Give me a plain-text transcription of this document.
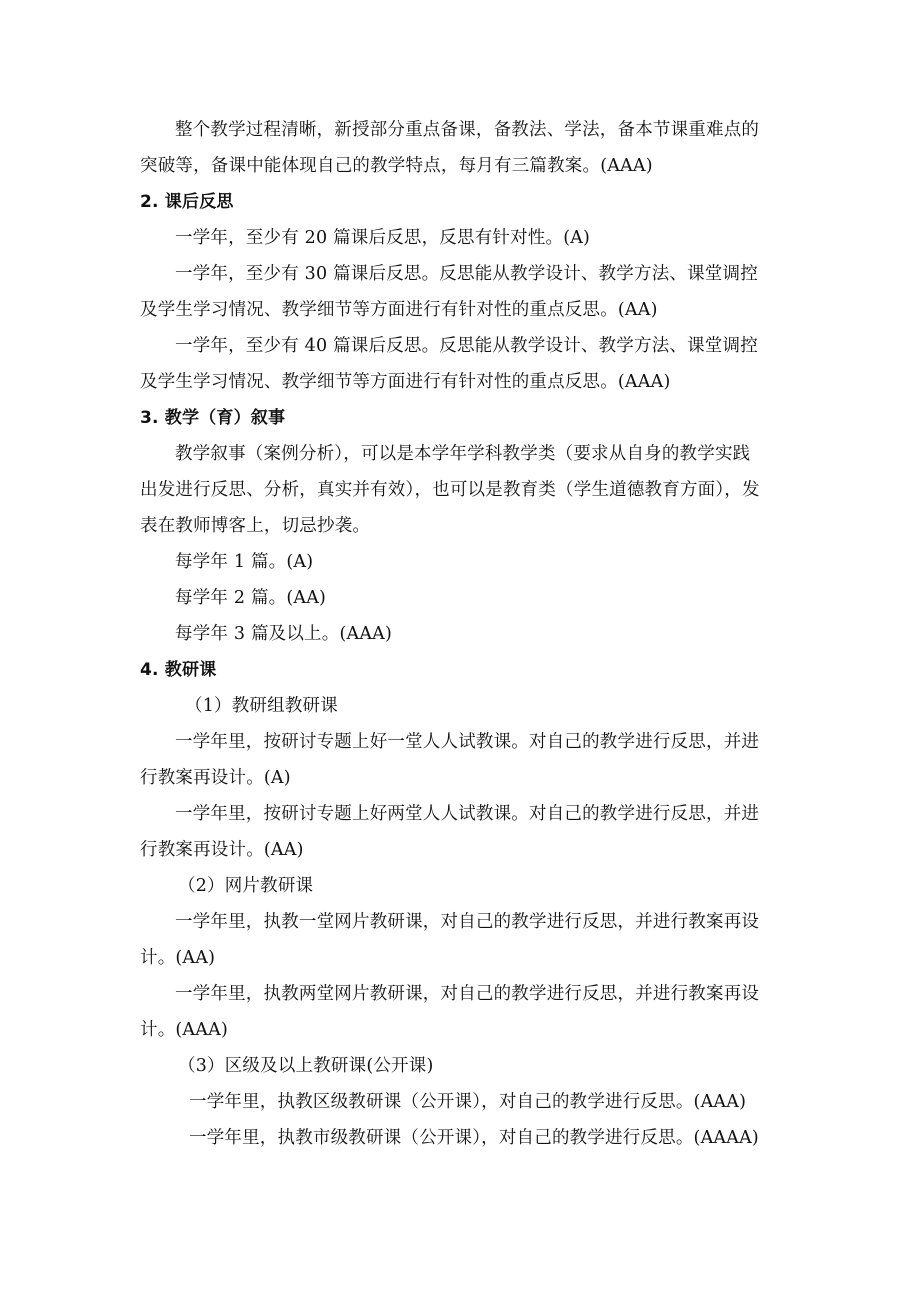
整个教学过程清晰，新授部分重点备课，备教法、学法，备本节课重难点的
突破等，备课中能体现自己的教学特点，每月有三篇教案。(AAA)
2. 课后反思
一学年，至少有 20 篇课后反思，反思有针对性。(A)
一学年，至少有 30 篇课后反思。反思能从教学设计、教学方法、课堂调控
及学生学习情况、教学细节等方面进行有针对性的重点反思。(AA)
一学年，至少有 40 篇课后反思。反思能从教学设计、教学方法、课堂调控
及学生学习情况、教学细节等方面进行有针对性的重点反思。(AAA)
3. 教学（育）叙事
教学叙事（案例分析），可以是本学年学科教学类（要求从自身的教学实践
出发进行反思、分析，真实并有效），也可以是教育类（学生道德教育方面），发
表在教师博客上，切忌抄袭。
每学年 1 篇。(A)
每学年 2 篇。(AA)
每学年 3 篇及以上。(AAA)
4. 教研课
（1）教研组教研课
一学年里，按研讨专题上好一堂人人试教课。对自己的教学进行反思，并进
行教案再设计。(A)
一学年里，按研讨专题上好两堂人人试教课。对自己的教学进行反思，并进
行教案再设计。(AA)
（2）网片教研课
一学年里，执教一堂网片教研课，对自己的教学进行反思，并进行教案再设
计。(AA)
一学年里，执教两堂网片教研课，对自己的教学进行反思，并进行教案再设
计。(AAA)
（3）区级及以上教研课(公开课)
一学年里，执教区级教研课（公开课），对自己的教学进行反思。(AAA)
一学年里，执教市级教研课（公开课），对自己的教学进行反思。(AAAA)
